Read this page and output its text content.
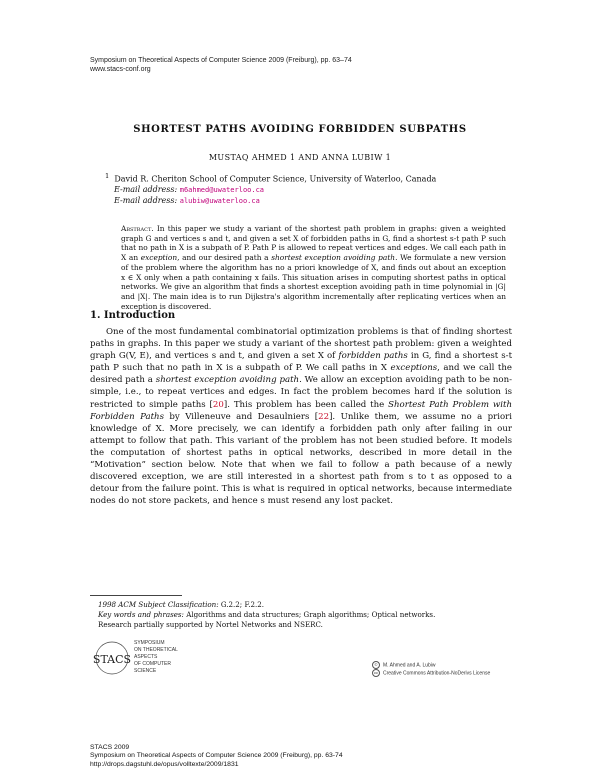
Symposium on Theoretical Aspects of Computer Science 2009 (Freiburg), pp. 63–74
www.stacs-conf.org
SHORTEST PATHS AVOIDING FORBIDDEN SUBPATHS
MUSTAQ AHMED 1 AND ANNA LUBIW 1
$^1$ David R. Cheriton School of Computer Science, University of Waterloo, Canada
E-mail address: m6ahmed@uwaterloo.ca
E-mail address: alubiw@uwaterloo.ca
Abstract. In this paper we study a variant of the shortest path problem in graphs: given a weighted graph G and vertices s and t, and given a set X of forbidden paths in G, find a shortest s-t path P such that no path in X is a subpath of P. Path P is allowed to repeat vertices and edges. We call each path in X an exception, and our desired path a shortest exception avoiding path. We formulate a new version of the problem where the algorithm has no a priori knowledge of X, and finds out about an exception x ∈ X only when a path containing x fails. This situation arises in computing shortest paths in optical networks. We give an algorithm that finds a shortest exception avoiding path in time polynomial in |G| and |X|. The main idea is to run Dijkstra's algorithm incrementally after replicating vertices when an exception is discovered.
1. Introduction
One of the most fundamental combinatorial optimization problems is that of finding shortest paths in graphs. In this paper we study a variant of the shortest path problem: given a weighted graph G(V, E), and vertices s and t, and given a set X of forbidden paths in G, find a shortest s-t path P such that no path in X is a subpath of P. We call paths in X exceptions, and we call the desired path a shortest exception avoiding path. We allow an exception avoiding path to be non-simple, i.e., to repeat vertices and edges. In fact the problem becomes hard if the solution is restricted to simple paths [20]. This problem has been called the Shortest Path Problem with Forbidden Paths by Villeneuve and Desaulniers [22]. Unlike them, we assume no a priori knowledge of X. More precisely, we can identify a forbidden path only after failing in our attempt to follow that path. This variant of the problem has not been studied before. It models the computation of shortest paths in optical networks, described in more detail in the “Motivation” section below. Note that when we fail to follow a path because of a newly discovered exception, we are still interested in a shortest path from s to t as opposed to a detour from the failure point. This is what is required in optical networks, because intermediate nodes do not store packets, and hence s must resend any lost packet.
1998 ACM Subject Classification: G.2.2; F.2.2.
Key words and phrases: Algorithms and data structures; Graph algorithms; Optical networks.
Research partially supported by Nortel Networks and NSERC.
STACS
SYMPOSIUM
ON THEORETICAL
ASPECTS
OF COMPUTER
SCIENCE
© M. Ahmed and A. Lubiw
cc Creative Commons Attribution-NoDerivs License
STACS 2009
Symposium on Theoretical Aspects of Computer Science 2009 (Freiburg), pp. 63-74
http://drops.dagstuhl.de/opus/volltexte/2009/1831
